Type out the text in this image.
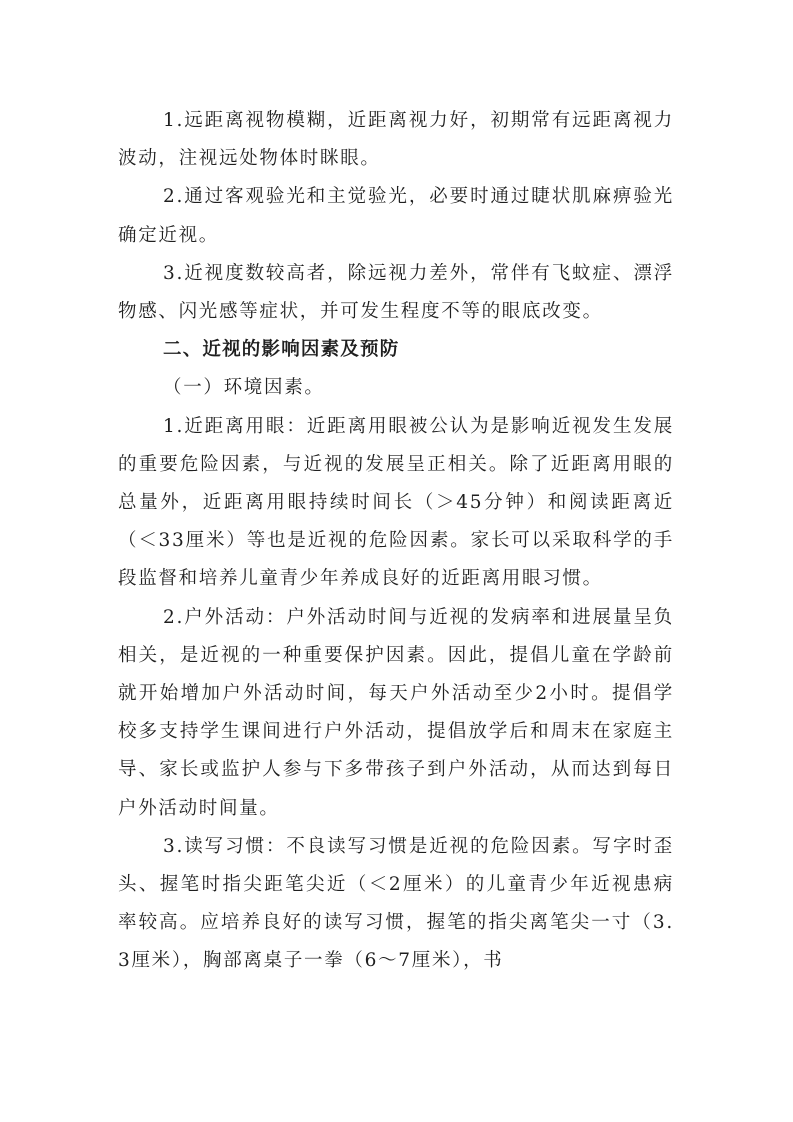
1.远距离视物模糊，近距离视力好，初期常有远距离视力波动，注视远处物体时眯眼。

2.通过客观验光和主觉验光，必要时通过睫状肌麻痹验光确定近视。

3.近视度数较高者，除远视力差外，常伴有飞蚊症、漂浮物感、闪光感等症状，并可发生程度不等的眼底改变。

二、近视的影响因素及预防

（一）环境因素。

1.近距离用眼：近距离用眼被公认为是影响近视发生发展的重要危险因素，与近视的发展呈正相关。除了近距离用眼的总量外，近距离用眼持续时间长（＞45分钟）和阅读距离近（＜33厘米）等也是近视的危险因素。家长可以采取科学的手段监督和培养儿童青少年养成良好的近距离用眼习惯。

2.户外活动：户外活动时间与近视的发病率和进展量呈负相关，是近视的一种重要保护因素。因此，提倡儿童在学龄前就开始增加户外活动时间，每天户外活动至少2小时。提倡学校多支持学生课间进行户外活动，提倡放学后和周末在家庭主导、家长或监护人参与下多带孩子到户外活动，从而达到每日户外活动时间量。

3.读写习惯：不良读写习惯是近视的危险因素。写字时歪头、握笔时指尖距笔尖近（＜2厘米）的儿童青少年近视患病率较高。应培养良好的读写习惯，握笔的指尖离笔尖一寸（3.3厘米），胸部离桌子一拳（6～7厘米），书
